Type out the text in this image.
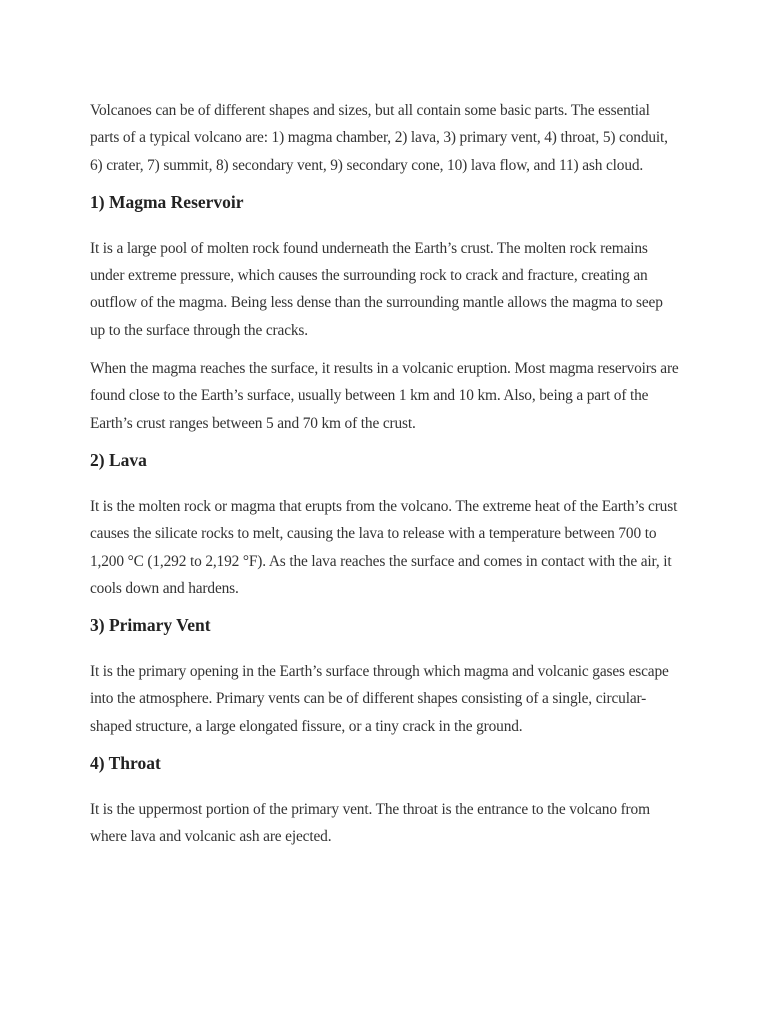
Volcanoes can be of different shapes and sizes, but all contain some basic parts. The essential parts of a typical volcano are: 1) magma chamber, 2) lava, 3) primary vent, 4) throat, 5) conduit, 6) crater, 7) summit, 8) secondary vent, 9) secondary cone, 10) lava flow, and 11) ash cloud.

1) Magma Reservoir

It is a large pool of molten rock found underneath the Earth’s crust. The molten rock remains under extreme pressure, which causes the surrounding rock to crack and fracture, creating an outflow of the magma. Being less dense than the surrounding mantle allows the magma to seep up to the surface through the cracks.

When the magma reaches the surface, it results in a volcanic eruption. Most magma reservoirs are found close to the Earth’s surface, usually between 1 km and 10 km. Also, being a part of the Earth’s crust ranges between 5 and 70 km of the crust.

2) Lava

It is the molten rock or magma that erupts from the volcano. The extreme heat of the Earth’s crust causes the silicate rocks to melt, causing the lava to release with a temperature between 700 to 1,200 °C (1,292 to 2,192 °F). As the lava reaches the surface and comes in contact with the air, it cools down and hardens.

3) Primary Vent

It is the primary opening in the Earth’s surface through which magma and volcanic gases escape into the atmosphere. Primary vents can be of different shapes consisting of a single, circular-shaped structure, a large elongated fissure, or a tiny crack in the ground.

4) Throat

It is the uppermost portion of the primary vent. The throat is the entrance to the volcano from where lava and volcanic ash are ejected.
